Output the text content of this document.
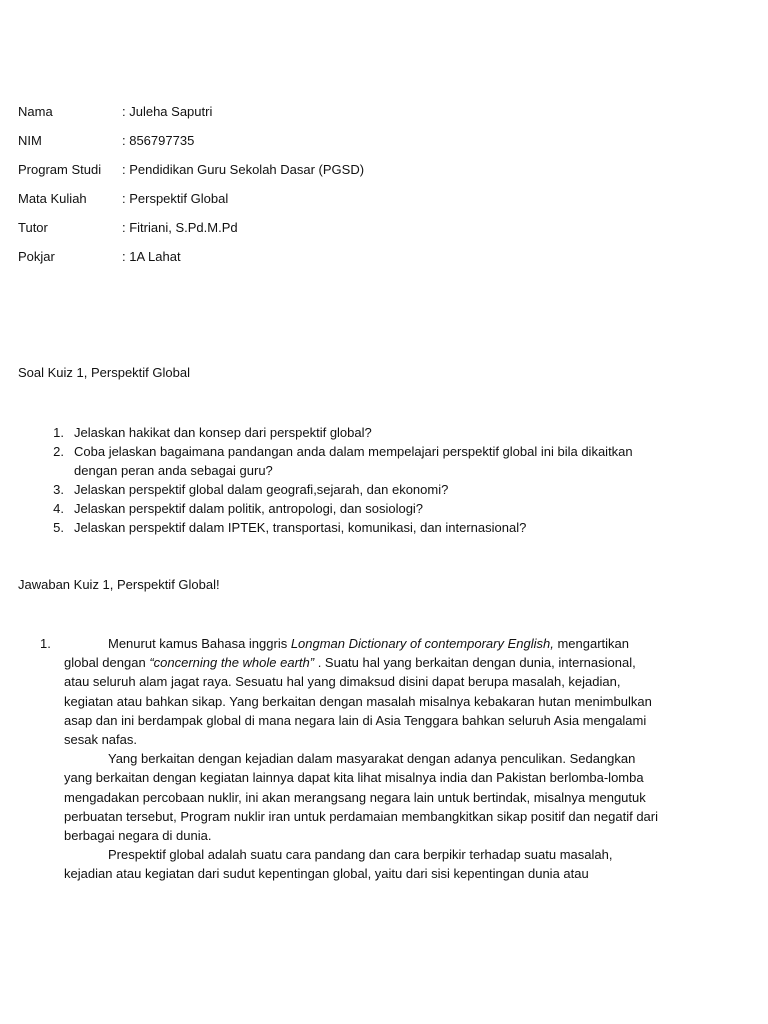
Nama	: Juleha Saputri
NIM	: 856797735
Program Studi	: Pendidikan Guru Sekolah Dasar (PGSD)
Mata Kuliah	: Perspektif Global
Tutor	: Fitriani, S.Pd.M.Pd
Pokjar	: 1A Lahat
Soal Kuiz 1, Perspektif Global
1. Jelaskan hakikat dan konsep dari perspektif global?
2. Coba jelaskan bagaimana pandangan anda dalam mempelajari perspektif global ini bila dikaitkan dengan peran anda sebagai guru?
3. Jelaskan perspektif global dalam geografi,sejarah, dan ekonomi?
4. Jelaskan perspektif dalam politik, antropologi, dan sosiologi?
5. Jelaskan perspektif dalam IPTEK, transportasi, komunikasi, dan internasional?
Jawaban Kuiz 1, Perspektif Global!
1.	Menurut kamus Bahasa inggris Longman Dictionary of contemporary English, mengartikan global dengan “concerning the whole earth” . Suatu hal yang berkaitan dengan dunia, internasional, atau seluruh alam jagat raya. Sesuatu hal yang dimaksud disini dapat berupa masalah, kejadian, kegiatan atau bahkan sikap. Yang berkaitan dengan masalah misalnya kebakaran hutan menimbulkan asap dan ini berdampak global di mana negara lain di Asia Tenggara bahkan seluruh Asia mengalami sesak nafas.

Yang berkaitan dengan kejadian dalam masyarakat dengan adanya penculikan. Sedangkan yang berkaitan dengan kegiatan lainnya dapat kita lihat misalnya india dan Pakistan berlomba-lomba mengadakan percobaan nuklir, ini akan merangsang negara lain untuk bertindak, misalnya mengutuk perbuatan tersebut, Program nuklir iran untuk perdamaian membangkitkan sikap positif dan negatif dari berbagai negara di dunia.

Prespektif global adalah suatu cara pandang dan cara berpikir terhadap suatu masalah, kejadian atau kegiatan dari sudut kepentingan global, yaitu dari sisi kepentingan dunia atau
